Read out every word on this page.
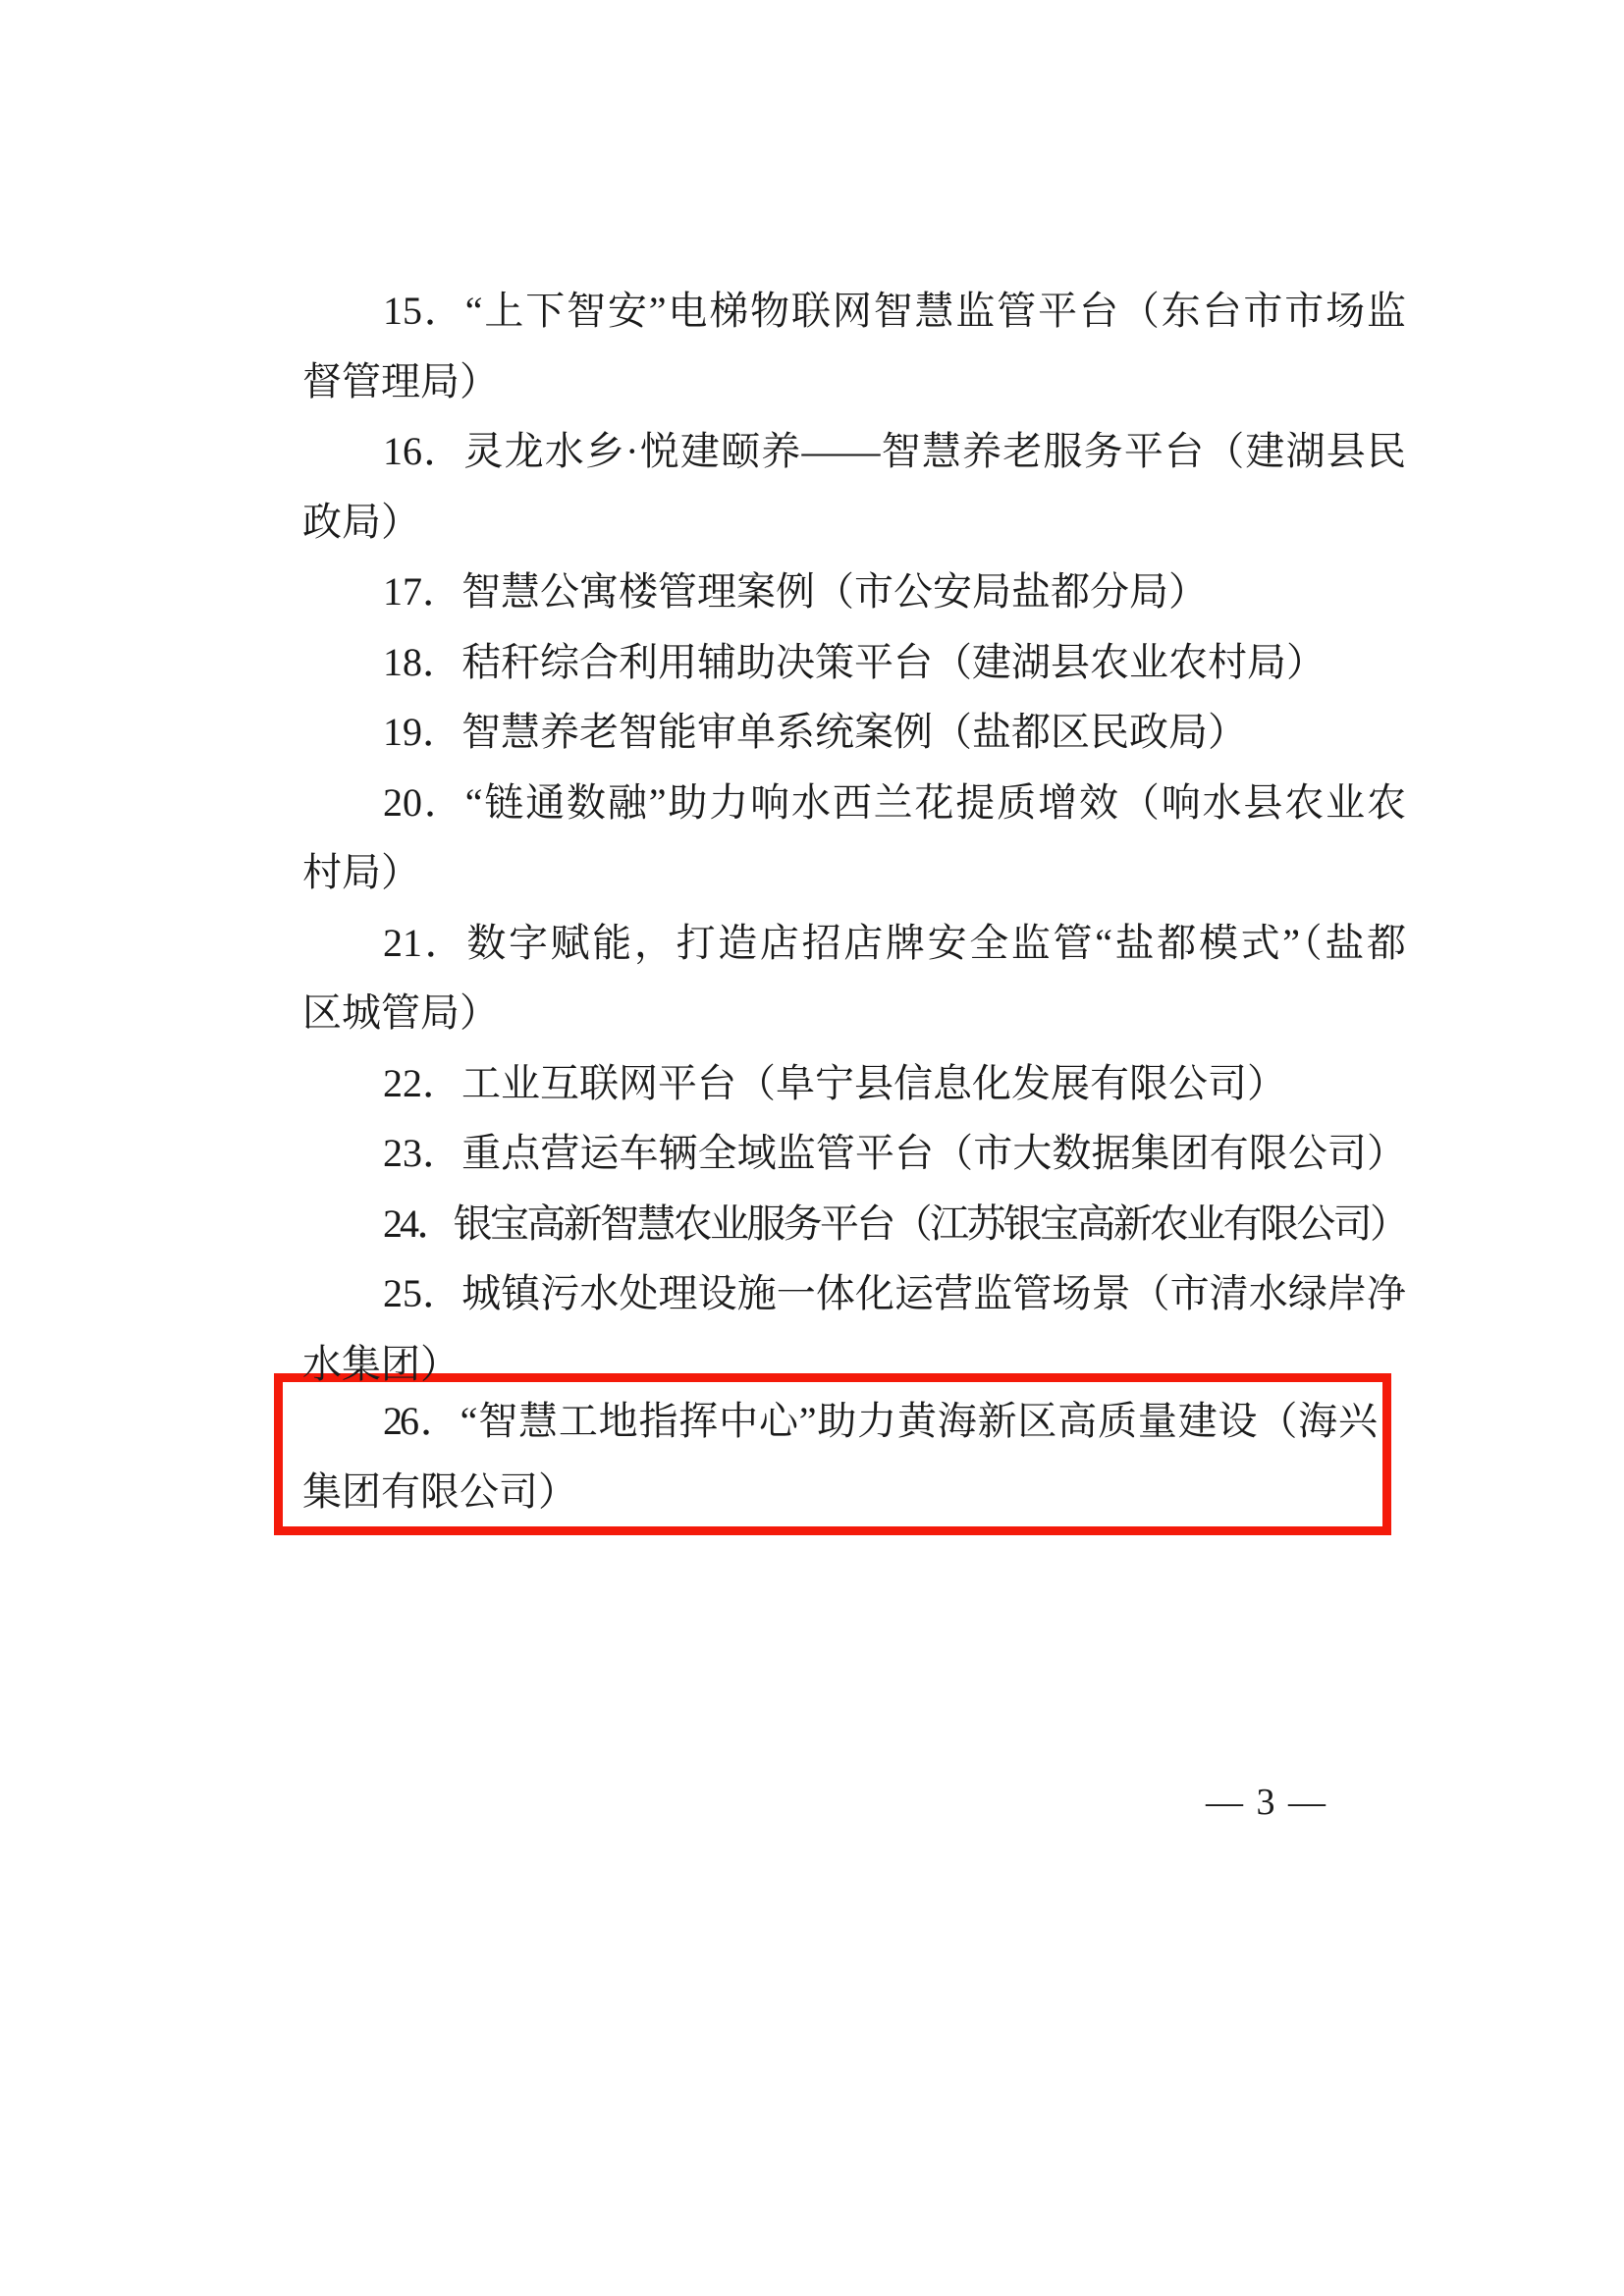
15．“上下智安”电梯物联网智慧监管平台（东台市市场监
督管理局）
16．灵龙水乡·悦建颐养——智慧养老服务平台（建湖县民
政局）
17．智慧公寓楼管理案例（市公安局盐都分局）
18．秸秆综合利用辅助决策平台（建湖县农业农村局）
19．智慧养老智能审单系统案例（盐都区民政局）
20．“链通数融”助力响水西兰花提质增效（响水县农业农
村局）
21．数字赋能，打造店招店牌安全监管“盐都模式”（盐都
区城管局）
22．工业互联网平台（阜宁县信息化发展有限公司）
23．重点营运车辆全域监管平台（市大数据集团有限公司）
24．银宝高新智慧农业服务平台（江苏银宝高新农业有限公司）
25．城镇污水处理设施一体化运营监管场景（市清水绿岸净
水集团）
26．“智慧工地指挥中心”助力黄海新区高质量建设（海兴
集团有限公司）
— 3 —
